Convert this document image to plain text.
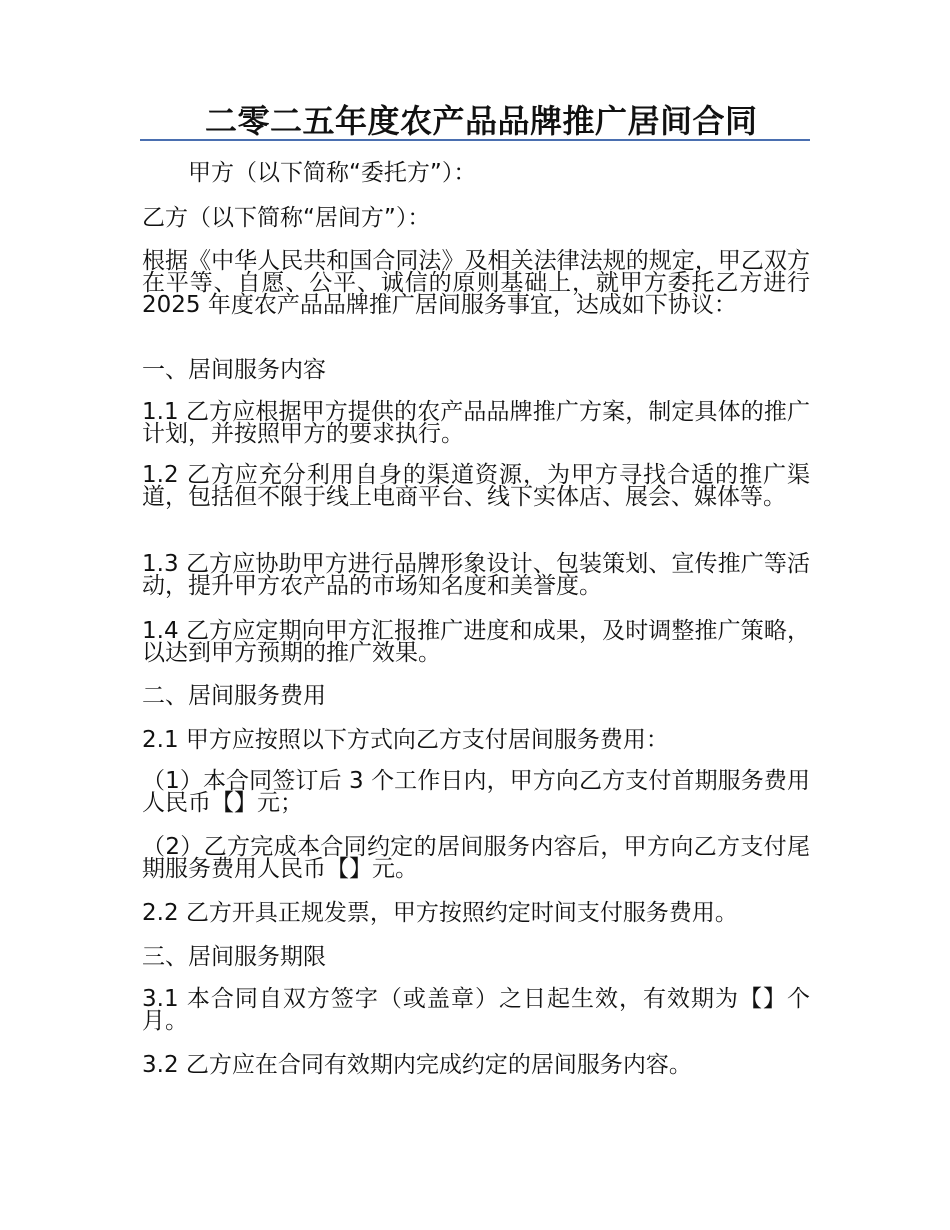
二零二五年度农产品品牌推广居间合同

甲方（以下简称“委托方”）：

乙方（以下简称“居间方”）：

根据《中华人民共和国合同法》及相关法律法规的规定，甲乙双方在平等、自愿、公平、诚信的原则基础上，就甲方委托乙方进行 2025 年度农产品品牌推广居间服务事宜，达成如下协议：

一、居间服务内容

1.1 乙方应根据甲方提供的农产品品牌推广方案，制定具体的推广计划，并按照甲方的要求执行。

1.2 乙方应充分利用自身的渠道资源，为甲方寻找合适的推广渠道，包括但不限于线上电商平台、线下实体店、展会、媒体等。

1.3 乙方应协助甲方进行品牌形象设计、包装策划、宣传推广等活动，提升甲方农产品的市场知名度和美誉度。

1.4 乙方应定期向甲方汇报推广进度和成果，及时调整推广策略，以达到甲方预期的推广效果。

二、居间服务费用

2.1 甲方应按照以下方式向乙方支付居间服务费用：

（1）本合同签订后 3 个工作日内，甲方向乙方支付首期服务费用人民币【】元；

（2）乙方完成本合同约定的居间服务内容后，甲方向乙方支付尾期服务费用人民币【】元。

2.2 乙方开具正规发票，甲方按照约定时间支付服务费用。

三、居间服务期限

3.1 本合同自双方签字（或盖章）之日起生效，有效期为【】个月。

3.2 乙方应在合同有效期内完成约定的居间服务内容。
